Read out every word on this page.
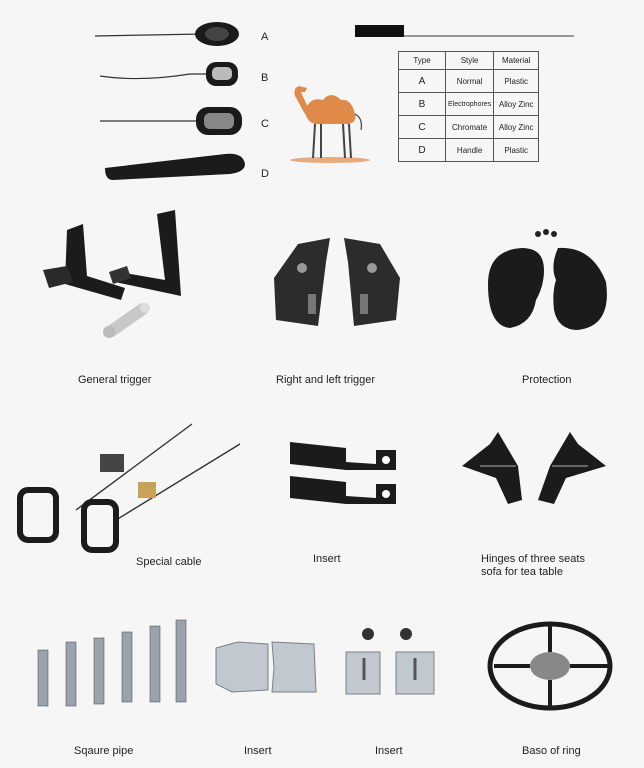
A
B
C
D
Type	Style	Material
A	Normal	Plastic
B	Electrophores	Alloy Zinc
C	Chromate	Alloy Zinc
D	Handle	Plastic
General trigger	Right and left trigger	Protection
Special cable	Insert	Hinges of three seats
sofa for tea table
Sqaure pipe	Insert	Insert	Baso of ring
